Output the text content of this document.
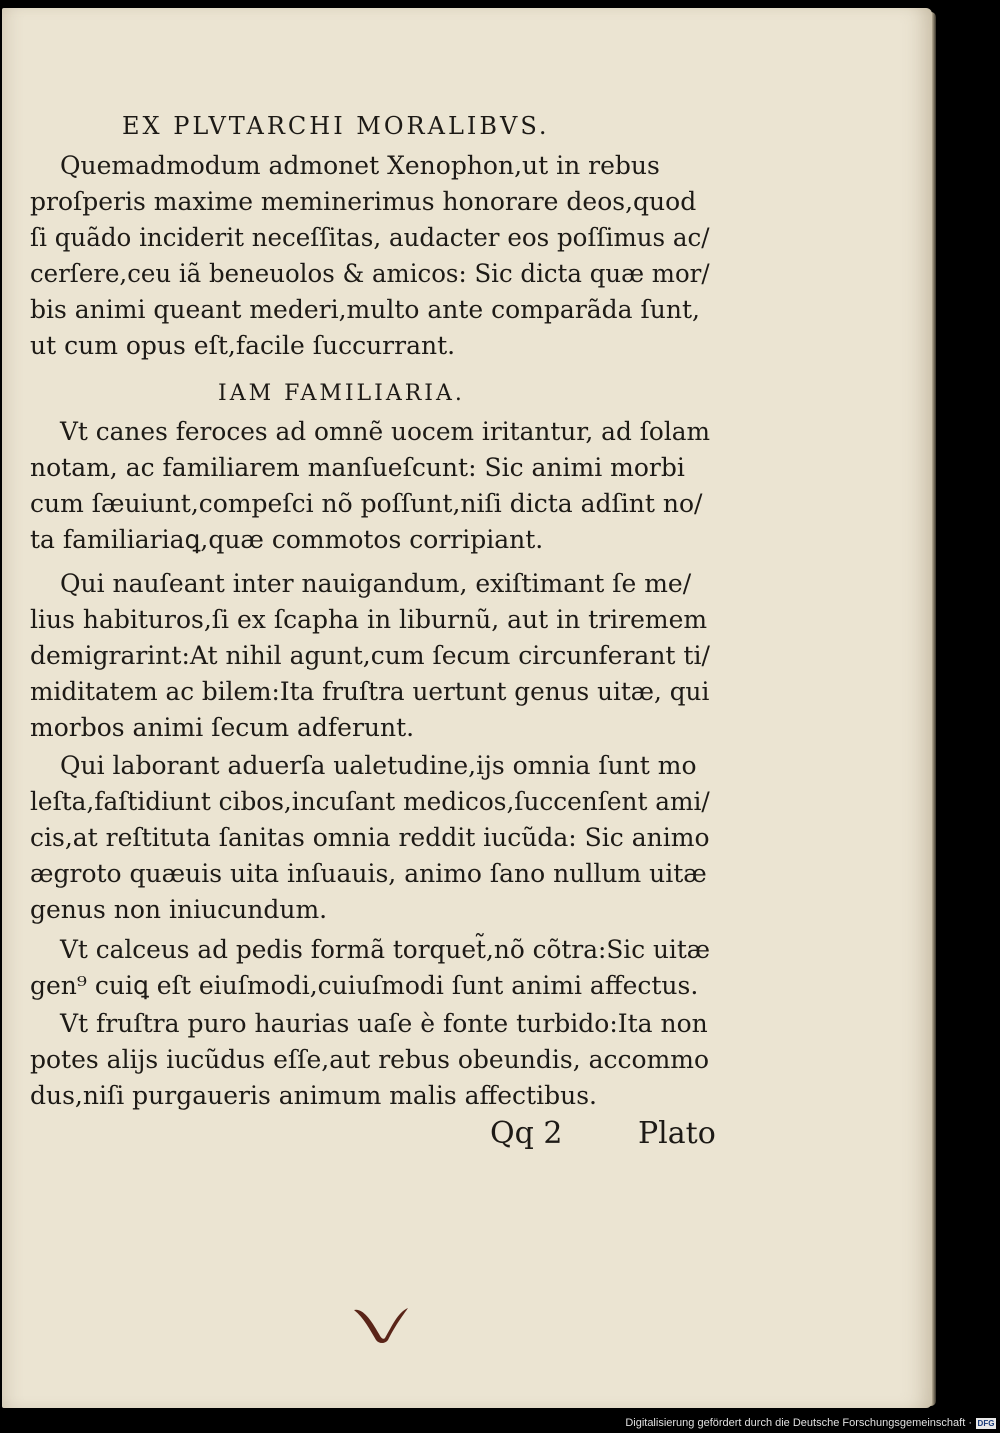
EX PLVTARCHI MORALIBVS.
Quemadmodum admonet Xenophon,ut in rebus
proſperis maxime meminerimus honorare deos,quod
ſi quãdo inciderit neceſſitas, audacter eos poſſimus ac/
cerſere,ceu iã beneuolos & amicos: Sic dicta quæ mor/
bis animi queant mederi,multo ante comparãda ſunt,
ut cum opus eſt,facile ſuccurrant.
Vt canes feroces ad omnẽ uocem iritantur, ad ſolam
notam, ac familiarem manſueſcunt: Sic animi morbi
cum ſæuiunt,compeſci nõ poſſunt,niſi dicta adſint no/
ta familiariaꝗ,quæ commotos corripiant.
Qui nauſeant inter nauigandum, exiſtimant ſe me/
lius habituros,ſi ex ſcapha in liburnũ, aut in triremem
demigrarint:At nihil agunt,cum ſecum circunferant ti/
miditatem ac bilem:Ita fruſtra uertunt genus uitæ, qui
morbos animi ſecum adferunt.
Qui laborant aduerſa ualetudine,ijs omnia ſunt mo
leſta,faſtidiunt cibos,incuſant medicos,ſuccenſent ami/
cis,at reſtituta ſanitas omnia reddit iucũda: Sic animo
ægroto quæuis uita inſuauis, animo ſano nullum uitæ
genus non iniucundum.
Vt calceus ad pedis formã torquet̃,nõ cõtra:Sic uitæ
gen⁹ cuiꝗ eſt eiuſmodi,cuiuſmodi ſunt animi affectus.
Vt fruſtra puro haurias uaſe è fonte turbido:Ita non
potes alijs iucũdus eſſe,aut rebus obeundis, accommo
dus,niſi purgaueris animum malis affectibus.
IAM FAMILIARIA.
Qq 2	Plato
Digitalisierung gefördert durch die Deutsche Forschungsgemeinschaft · DFG
